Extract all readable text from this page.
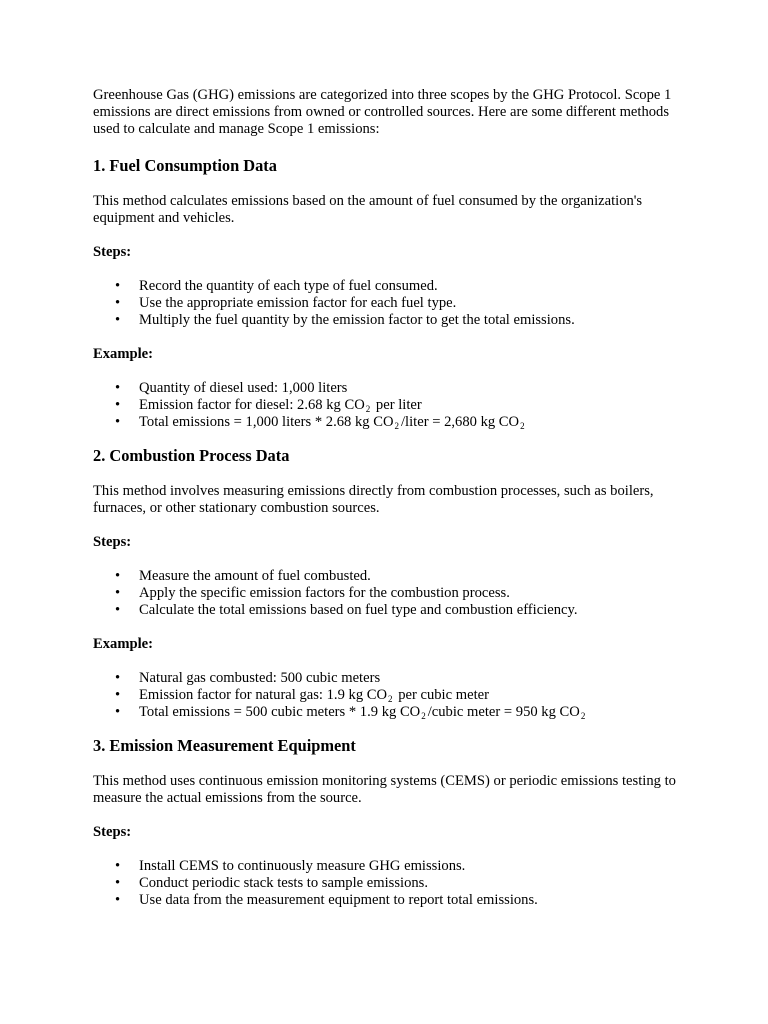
Greenhouse Gas (GHG) emissions are categorized into three scopes by the GHG Protocol. Scope 1 emissions are direct emissions from owned or controlled sources. Here are some different methods used to calculate and manage Scope 1 emissions:

1. Fuel Consumption Data

This method calculates emissions based on the amount of fuel consumed by the organization's equipment and vehicles.

Steps:

• Record the quantity of each type of fuel consumed.
• Use the appropriate emission factor for each fuel type.
• Multiply the fuel quantity by the emission factor to get the total emissions.

Example:

• Quantity of diesel used: 1,000 liters
• Emission factor for diesel: 2.68 kg $CO_2$ per liter
• Total emissions = 1,000 liters * 2.68 kg $CO_2$ /liter = 2,680 kg $CO_2$
2. Combustion Process Data

This method involves measuring emissions directly from combustion processes, such as boilers, furnaces, or other stationary combustion sources.

Steps:

• Measure the amount of fuel combusted.
• Apply the specific emission factors for the combustion process.
• Calculate the total emissions based on fuel type and combustion efficiency.

Example:

• Natural gas combusted: 500 cubic meters
• Emission factor for natural gas: 1.9 kg $CO_2$ per cubic meter
• Total emissions = 500 cubic meters * 1.9 kg $CO_2$ /cubic meter = 950 kg $CO_2$
3. Emission Measurement Equipment

This method uses continuous emission monitoring systems (CEMS) or periodic emissions testing to measure the actual emissions from the source.

Steps:

• Install CEMS to continuously measure GHG emissions.
• Conduct periodic stack tests to sample emissions.
• Use data from the measurement equipment to report total emissions.
